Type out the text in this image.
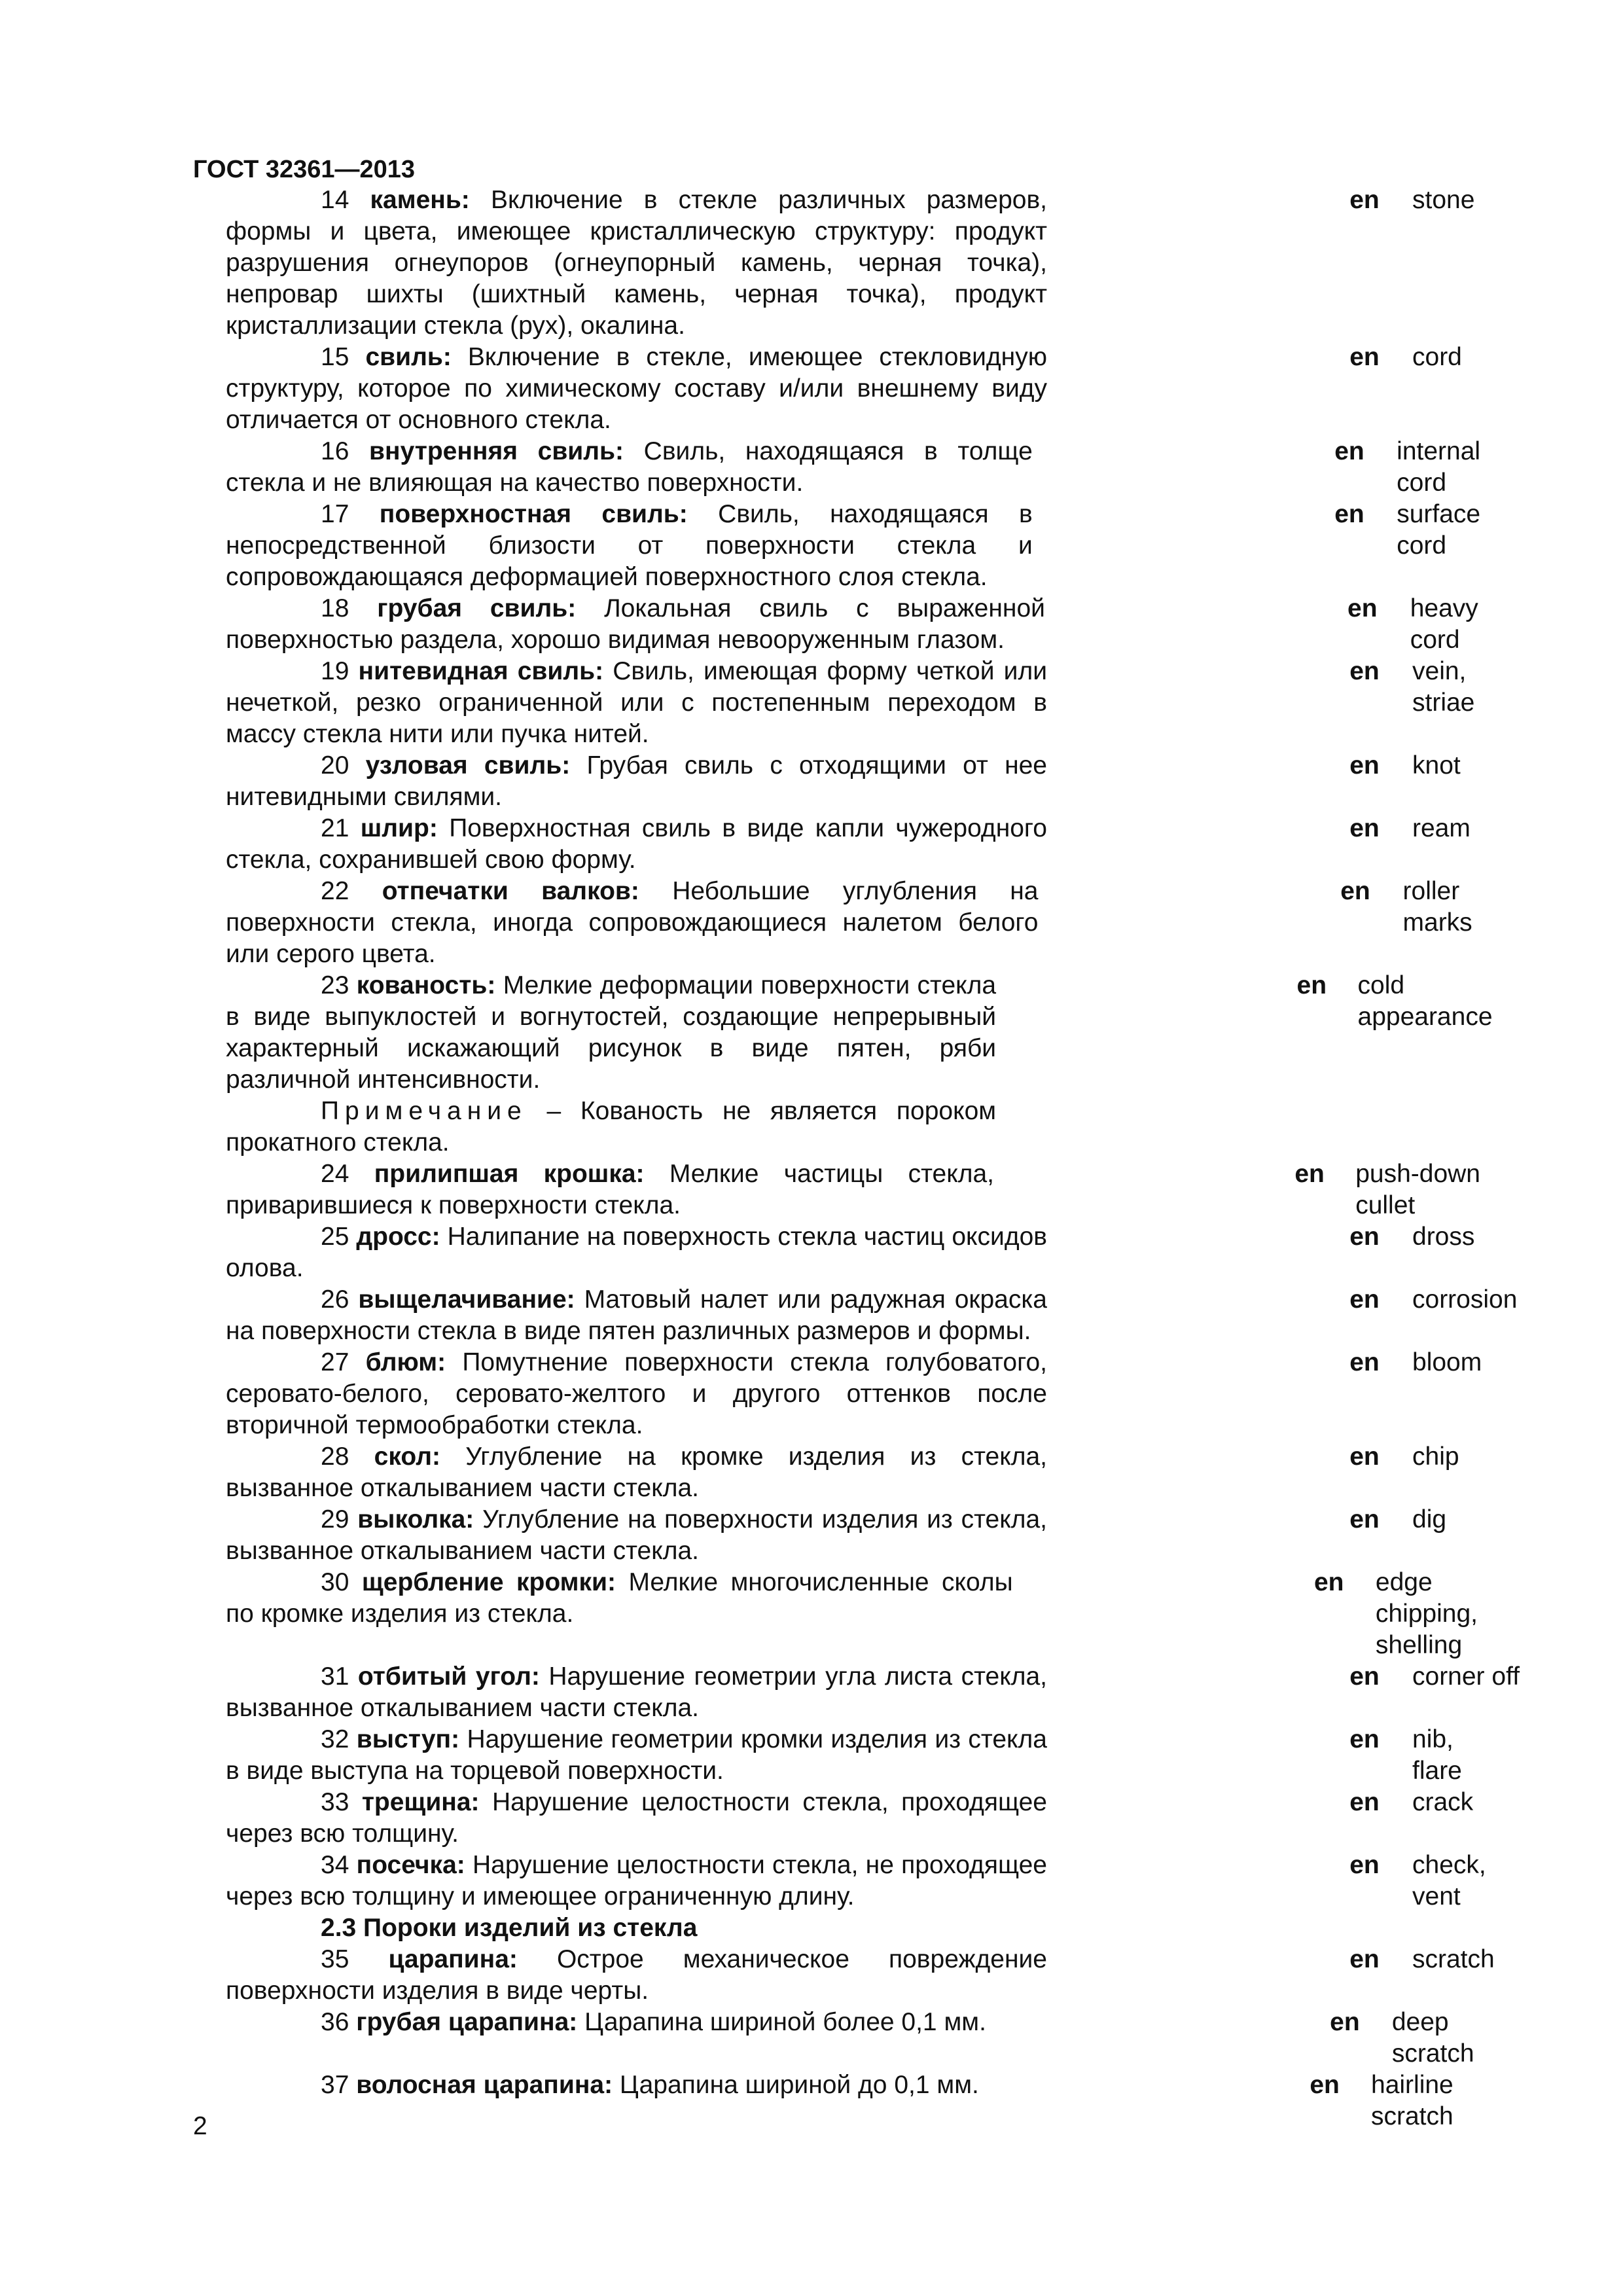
ГОСТ 32361—2013
14 камень: Включение в стекле различных размеров, формы и цвета, имеющее кристаллическую структуру: продукт разрушения огнеупоров (огнеупорный камень, черная точка), непровар шихты (шихтный камень, черная точка), продукт кристаллизации стекла (рух), окалина.
en	stone
15 свиль: Включение в стекле, имеющее стекловидную структуру, которое по химическому составу и/или внешнему виду отличается от основного стекла.
en	cord
16 внутренняя свиль: Свиль, находящаяся в толще стекла и не влияющая на качество поверхности.
en	internal cord
17 поверхностная свиль: Свиль, находящаяся в непосредственной близости от поверхности стекла и сопровождающаяся деформацией поверхностного слоя стекла.
en	surface cord
18 грубая свиль: Локальная свиль с выраженной поверхностью раздела, хорошо видимая невооруженным глазом.
en	heavy cord
19 нитевидная свиль: Свиль, имеющая форму четкой или нечеткой, резко ограниченной или с постепенным переходом в массу стекла нити или пучка нитей.
en	vein,
striae
20 узловая свиль: Грубая свиль с отходящими от нее нитевидными свилями.
en	knot
21 шлир: Поверхностная свиль в виде капли чужеродного стекла, сохранившей свою форму.
en	ream
22 отпечатки валков: Небольшие углубления на поверхности стекла, иногда сопровождающиеся налетом белого или серого цвета.
en	roller marks
23 кованость: Мелкие деформации поверхности стекла в виде выпуклостей и вогнутостей, создающие непрерывный характерный искажающий рисунок в виде пятен, ряби различной интенсивности.
Примечание – Кованость не является пороком прокатного стекла.
en	cold appearance
24 прилипшая крошка: Мелкие частицы стекла, приварившиеся к поверхности стекла.
en	push-down cullet
25 дросс: Налипание на поверхность стекла частиц оксидов олова.
en	dross
26 выщелачивание: Матовый налет или радужная окраска на поверхности стекла в виде пятен различных размеров и формы.
en	corrosion
27 блюм: Помутнение поверхности стекла голубоватого, серовато-белого, серовато-желтого и другого оттенков после вторичной термообработки стекла.
en	bloom
28 скол: Углубление на кромке изделия из стекла, вызванное откалыванием части стекла.
en	chip
29 выколка: Углубление на поверхности изделия из стекла, вызванное откалыванием части стекла.
en	dig
30 щербление кромки: Мелкие многочисленные сколы по кромке изделия из стекла.
en	edge chipping,
shelling
31 отбитый угол: Нарушение геометрии угла листа стекла, вызванное откалыванием части стекла.
en	corner off
32 выступ: Нарушение геометрии кромки изделия из стекла в виде выступа на торцевой поверхности.
en	nib,
flare
33 трещина: Нарушение целостности стекла, проходящее через всю толщину.
en	crack
34 посечка: Нарушение целостности стекла, не проходящее через всю толщину и имеющее ограниченную длину.
en	check,
vent
2.3 Пороки изделий из стекла
35 царапина: Острое механическое повреждение поверхности изделия в виде черты.
en	scratch
36 грубая царапина: Царапина шириной более 0,1 мм.	en	deep scratch
37 волосная царапина: Царапина шириной до 0,1 мм.	en	hairline scratch
2
